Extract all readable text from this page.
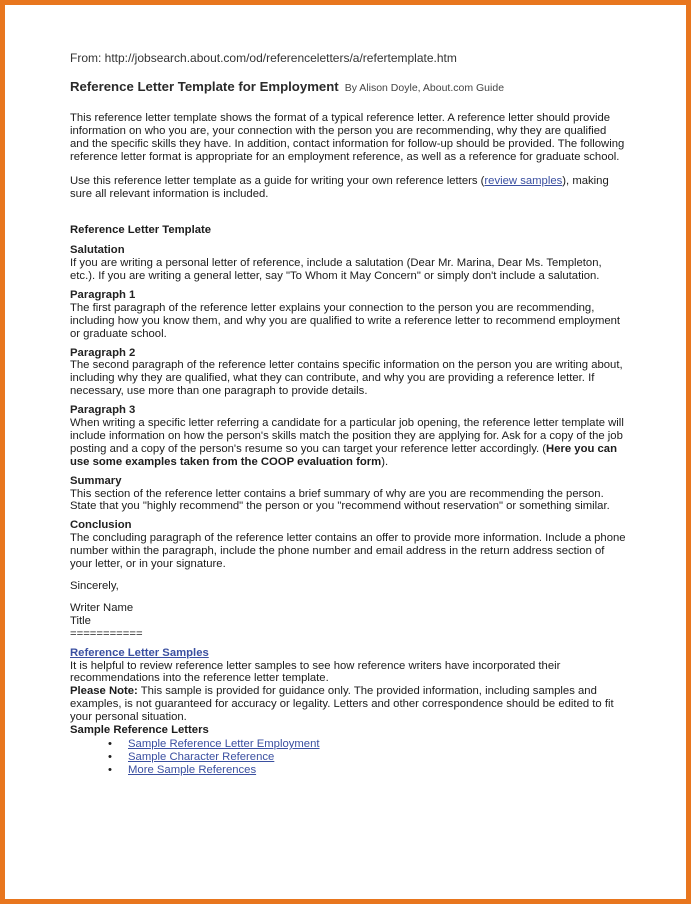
From: http://jobsearch.about.com/od/referenceletters/a/refertemplate.htm

Reference Letter Template for Employment By Alison Doyle, About.com Guide

This reference letter template shows the format of a typical reference letter. A reference letter should provide information on who you are, your connection with the person you are recommending, why they are qualified and the specific skills they have. In addition, contact information for follow-up should be provided. The following reference letter format is appropriate for an employment reference, as well as a reference for graduate school.

Use this reference letter template as a guide for writing your own reference letters (review samples), making sure all relevant information is included.

Reference Letter Template

Salutation

If you are writing a personal letter of reference, include a salutation (Dear Mr. Marina, Dear Ms. Templeton, etc.). If you are writing a general letter, say "To Whom it May Concern" or simply don't include a salutation.

Paragraph 1

The first paragraph of the reference letter explains your connection to the person you are recommending, including how you know them, and why you are qualified to write a reference letter to recommend employment or graduate school.

Paragraph 2

The second paragraph of the reference letter contains specific information on the person you are writing about, including why they are qualified, what they can contribute, and why you are providing a reference letter. If necessary, use more than one paragraph to provide details.

Paragraph 3

When writing a specific letter referring a candidate for a particular job opening, the reference letter template will include information on how the person's skills match the position they are applying for. Ask for a copy of the job posting and a copy of the person's resume so you can target your reference letter accordingly. (Here you can use some examples taken from the COOP evaluation form).

Summary

This section of the reference letter contains a brief summary of why are you are recommending the person. State that you "highly recommend" the person or you "recommend without reservation" or something similar.

Conclusion

The concluding paragraph of the reference letter contains an offer to provide more information. Include a phone number within the paragraph, include the phone number and email address in the return address section of your letter, or in your signature.

Sincerely,

Writer Name

Title

===========

Reference Letter Samples

It is helpful to review reference letter samples to see how reference writers have incorporated their recommendations into the reference letter template.

Please Note: This sample is provided for guidance only. The provided information, including samples and examples, is not guaranteed for accuracy or legality. Letters and other correspondence should be edited to fit your personal situation.

Sample Reference Letters

• Sample Reference Letter Employment
• Sample Character Reference
• More Sample References
